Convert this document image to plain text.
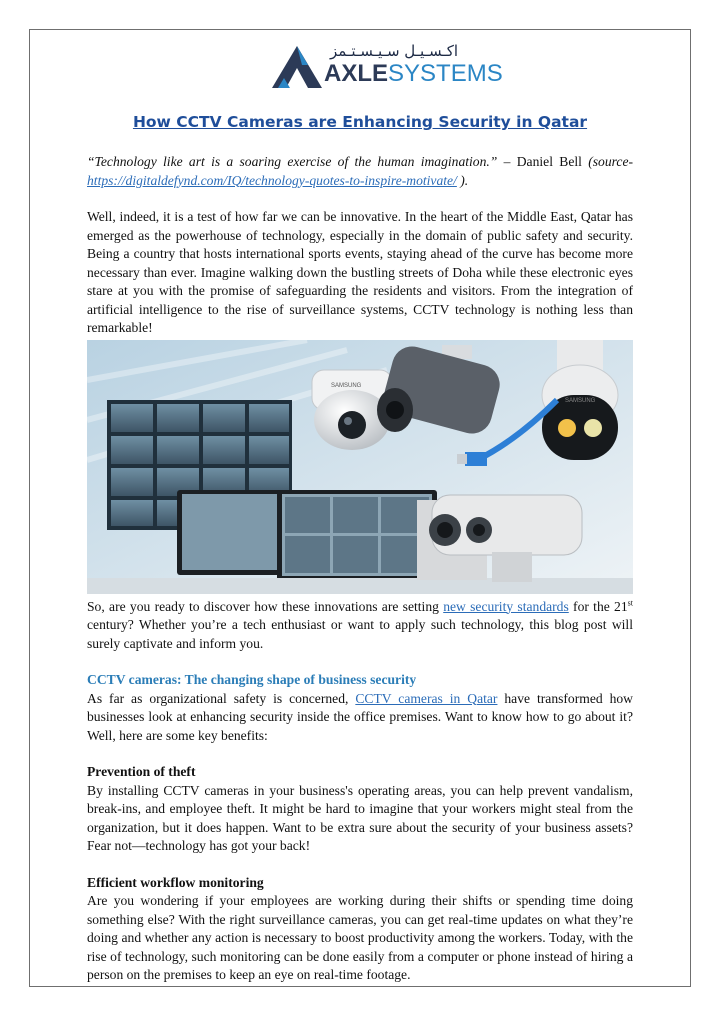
اكـسـيـل سـيـسـتـمز
AXLESYSTEMS
How CCTV Cameras are Enhancing Security in Qatar

“Technology like art is a soaring exercise of the human imagination.” – Daniel Bell (source-https://digitaldefynd.com/IQ/technology-quotes-to-inspire-motivate/ ).

Well, indeed, it is a test of how far we can be innovative. In the heart of the Middle East, Qatar has emerged as the powerhouse of technology, especially in the domain of public safety and security. Being a country that hosts international sports events, staying ahead of the curve has become more necessary than ever. Imagine walking down the bustling streets of Doha while these electronic eyes stare at you with the promise of safeguarding the residents and visitors. From the integration of artificial intelligence to the rise of surveillance systems, CCTV technology is nothing less than remarkable!

SAMSUNG
SAMSUNG

So, are you ready to discover how these innovations are setting new security standards for the 21st century? Whether you’re a tech enthusiast or want to apply such technology, this blog post will surely captivate and inform you.

CCTV cameras: The changing shape of business security

As far as organizational safety is concerned, CCTV cameras in Qatar have transformed how businesses look at enhancing security inside the office premises. Want to know how to go about it? Well, here are some key benefits:

Prevention of theft

By installing CCTV cameras in your business's operating areas, you can help prevent vandalism, break-ins, and employee theft. It might be hard to imagine that your workers might steal from the organization, but it does happen. Want to be extra sure about the security of your business assets? Fear not—technology has got your back!

Efficient workflow monitoring

Are you wondering if your employees are working during their shifts or spending time doing something else? With the right surveillance cameras, you can get real-time updates on what they’re doing and whether any action is necessary to boost productivity among the workers. Today, with the rise of technology, such monitoring can be done easily from a computer or phone instead of hiring a person on the premises to keep an eye on real-time footage.
